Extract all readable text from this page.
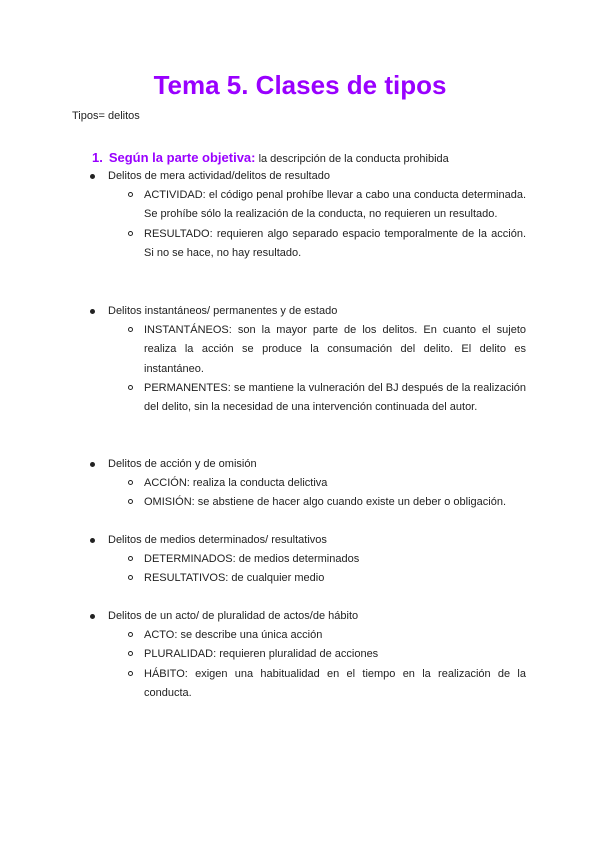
Tema 5. Clases de tipos

Tipos= delitos

1. Según la parte objetiva: la descripción de la conducta prohibida

Delitos de mera actividad/delitos de resultado
ACTIVIDAD: el código penal prohíbe llevar a cabo una conducta determinada. Se prohíbe sólo la realización de la conducta, no requieren un resultado.
RESULTADO: requieren algo separado espacio temporalmente de la acción. Si no se hace, no hay resultado.
Delitos instantáneos/ permanentes y de estado
INSTANTÁNEOS: son la mayor parte de los delitos. En cuanto el sujeto realiza la acción se produce la consumación del delito. El delito es instantáneo.
PERMANENTES: se mantiene la vulneración del BJ después de la realización del delito, sin la necesidad de una intervención continuada del autor.
Delitos de acción y de omisión
ACCIÓN: realiza la conducta delictiva
OMISIÓN: se abstiene de hacer algo cuando existe un deber o obligación.
Delitos de medios determinados/ resultativos
DETERMINADOS: de medios determinados
RESULTATIVOS: de cualquier medio
Delitos de un acto/ de pluralidad de actos/de hábito
ACTO: se describe una única acción
PLURALIDAD: requieren pluralidad de acciones
HÁBITO: exigen una habitualidad en el tiempo en la realización de la conducta.
